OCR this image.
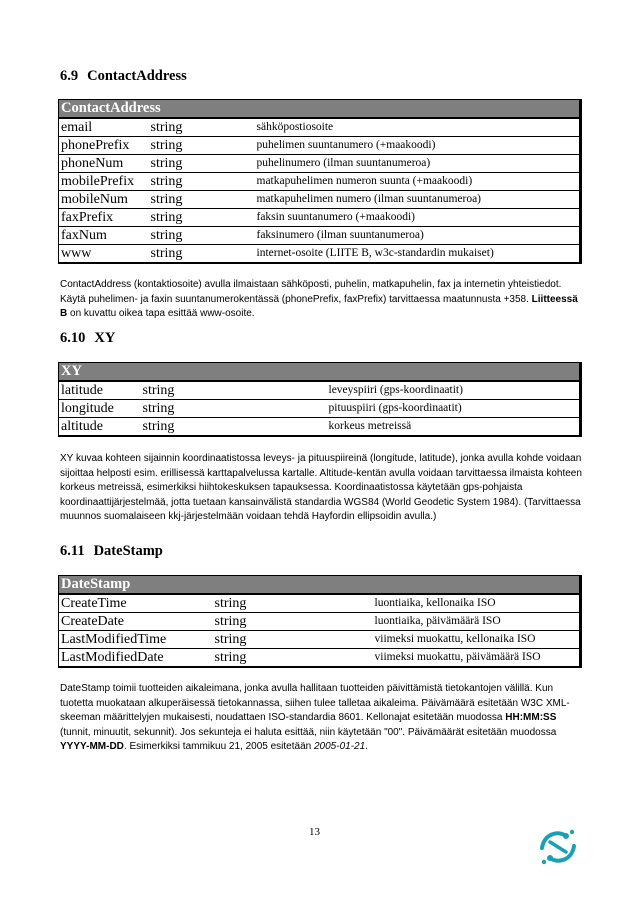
6.9 ContactAddress
ContactAddress		
email	string	sähköpostiosoite
phonePrefix	string	puhelimen suuntanumero (+maakoodi)
phoneNum	string	puhelinumero (ilman suuntanumeroa)
mobilePrefix	string	matkapuhelimen numeron suunta (+maakoodi)
mobileNum	string	matkapuhelimen numero (ilman suuntanumeroa)
faxPrefix	string	faksin suuntanumero (+maakoodi)
faxNum	string	faksinumero (ilman suuntanumeroa)
www	string	internet-osoite (LIITE B, w3c-standardin mukaiset)
ContactAddress (kontaktiosoite) avulla ilmaistaan sähköposti, puhelin, matkapuhelin, fax ja internetin yhteistiedot. Käytä puhelimen- ja faxin suuntanumerokentässä (phonePrefix, faxPrefix) tarvittaessa maatunnusta +358. Liitteessä B on kuvattu oikea tapa esittää www-osoite.
6.10 XY
XY		
latitude	string	leveyspiiri (gps-koordinaatit)
longitude	string	pituuspiiri (gps-koordinaatit)
altitude	string	korkeus metreissä
XY kuvaa kohteen sijainnin koordinaatistossa leveys- ja pituuspiireinä (longitude, latitude), jonka avulla kohde voidaan sijoittaa helposti esim. erillisessä karttapalvelussa kartalle. Altitude-kentän avulla voidaan tarvittaessa ilmaista kohteen korkeus metreissä, esimerkiksi hiihtokeskuksen tapauksessa. Koordinaatistossa käytetään gps-pohjaista koordinaattijärjestelmää, jotta tuetaan kansainvälistä standardia WGS84 (World Geodetic System 1984). (Tarvittaessa muunnos suomalaiseen kkj-järjestelmään voidaan tehdä Hayfordin ellipsoidin avulla.)
6.11 DateStamp
DateStamp		
CreateTime	string	luontiaika, kellonaika ISO
CreateDate	string	luontiaika, päivämäärä ISO
LastModifiedTime	string	viimeksi muokattu, kellonaika ISO
LastModifiedDate	string	viimeksi muokattu, päivämäärä ISO
DateStamp toimii tuotteiden aikaleimana, jonka avulla hallitaan tuotteiden päivittämistä tietokantojen välillä. Kun tuotetta muokataan alkuperäisessä tietokannassa, siihen tulee talletaa aikaleima. Päivämäärä esitetään W3C XML-skeeman määrittelyjen mukaisesti, noudattaen ISO-standardia 8601. Kellonajat esitetään muodossa HH:MM:SS (tunnit, minuutit, sekunnit). Jos sekunteja ei haluta esittää, niin käytetään "00". Päivämäärät esitetään muodossa YYYY-MM-DD. Esimerkiksi tammikuu 21, 2005 esitetään 2005-01-21.
13
